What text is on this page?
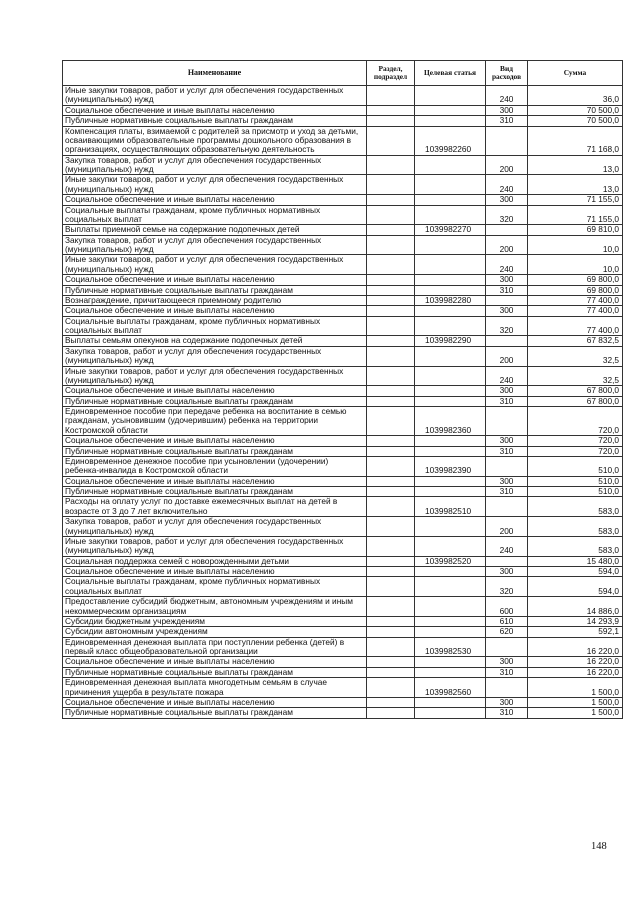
Наименование	Раздел, подраздел	Целевая статья	Вид расходов	Сумма
Иные закупки товаров, работ и услуг для обеспечения государственных (муниципальных) нужд			240	36,0
Социальное обеспечение и иные выплаты населению			300	70 500,0
Публичные нормативные социальные выплаты гражданам			310	70 500,0
Компенсация платы, взимаемой с родителей за присмотр и уход за детьми, осваивающими образовательные программы дошкольного образования в организациях, осуществляющих образовательную деятельность		1039982260		71 168,0
Закупка товаров, работ и услуг для обеспечения государственных (муниципальных) нужд			200	13,0
Иные закупки товаров, работ и услуг для обеспечения государственных (муниципальных) нужд			240	13,0
Социальное обеспечение и иные выплаты населению			300	71 155,0
Социальные выплаты гражданам, кроме публичных нормативных социальных выплат			320	71 155,0
Выплаты приемной семье на содержание подопечных детей		1039982270		69 810,0
Закупка товаров, работ и услуг для обеспечения государственных (муниципальных) нужд			200	10,0
Иные закупки товаров, работ и услуг для обеспечения государственных (муниципальных) нужд			240	10,0
Социальное обеспечение и иные выплаты населению			300	69 800,0
Публичные нормативные социальные выплаты гражданам			310	69 800,0
Вознаграждение, причитающееся приемному родителю		1039982280		77 400,0
Социальное обеспечение и иные выплаты населению			300	77 400,0
Социальные выплаты гражданам, кроме публичных нормативных социальных выплат			320	77 400,0
Выплаты семьям опекунов на содержание подопечных детей		1039982290		67 832,5
Закупка товаров, работ и услуг для обеспечения государственных (муниципальных) нужд			200	32,5
Иные закупки товаров, работ и услуг для обеспечения государственных (муниципальных) нужд			240	32,5
Социальное обеспечение и иные выплаты населению			300	67 800,0
Публичные нормативные социальные выплаты гражданам			310	67 800,0
Единовременное пособие при передаче ребенка на воспитание в семью гражданам, усыновившим (удочерившим) ребенка на территории Костромской области		1039982360		720,0
Социальное обеспечение и иные выплаты населению			300	720,0
Публичные нормативные социальные выплаты гражданам			310	720,0
Единовременное денежное пособие при усыновлении (удочерении) ребенка-инвалида в Костромской области		1039982390		510,0
Социальное обеспечение и иные выплаты населению			300	510,0
Публичные нормативные социальные выплаты гражданам			310	510,0
Расходы на оплату услуг по доставке ежемесячных выплат на детей в возрасте от 3 до 7 лет включительно		1039982510		583,0
Закупка товаров, работ и услуг для обеспечения государственных (муниципальных) нужд			200	583,0
Иные закупки товаров, работ и услуг для обеспечения государственных (муниципальных) нужд			240	583,0
Социальная поддержка семей с новорожденными детьми		1039982520		15 480,0
Социальное обеспечение и иные выплаты населению			300	594,0
Социальные выплаты гражданам, кроме публичных нормативных социальных выплат			320	594,0
Предоставление субсидий бюджетным, автономным учреждениям и иным некоммерческим организациям			600	14 886,0
Субсидии бюджетным учреждениям			610	14 293,9
Субсидии автономным учреждениям			620	592,1
Единовременная денежная выплата при поступлении ребенка (детей) в первый класс общеобразовательной организации		1039982530		16 220,0
Социальное обеспечение и иные выплаты населению			300	16 220,0
Публичные нормативные социальные выплаты гражданам			310	16 220,0
Единовременная денежная выплата многодетным семьям в случае причинения ущерба в результате пожара		1039982560		1 500,0
Социальное обеспечение и иные выплаты населению			300	1 500,0
Публичные нормативные социальные выплаты гражданам			310	1 500,0
148
